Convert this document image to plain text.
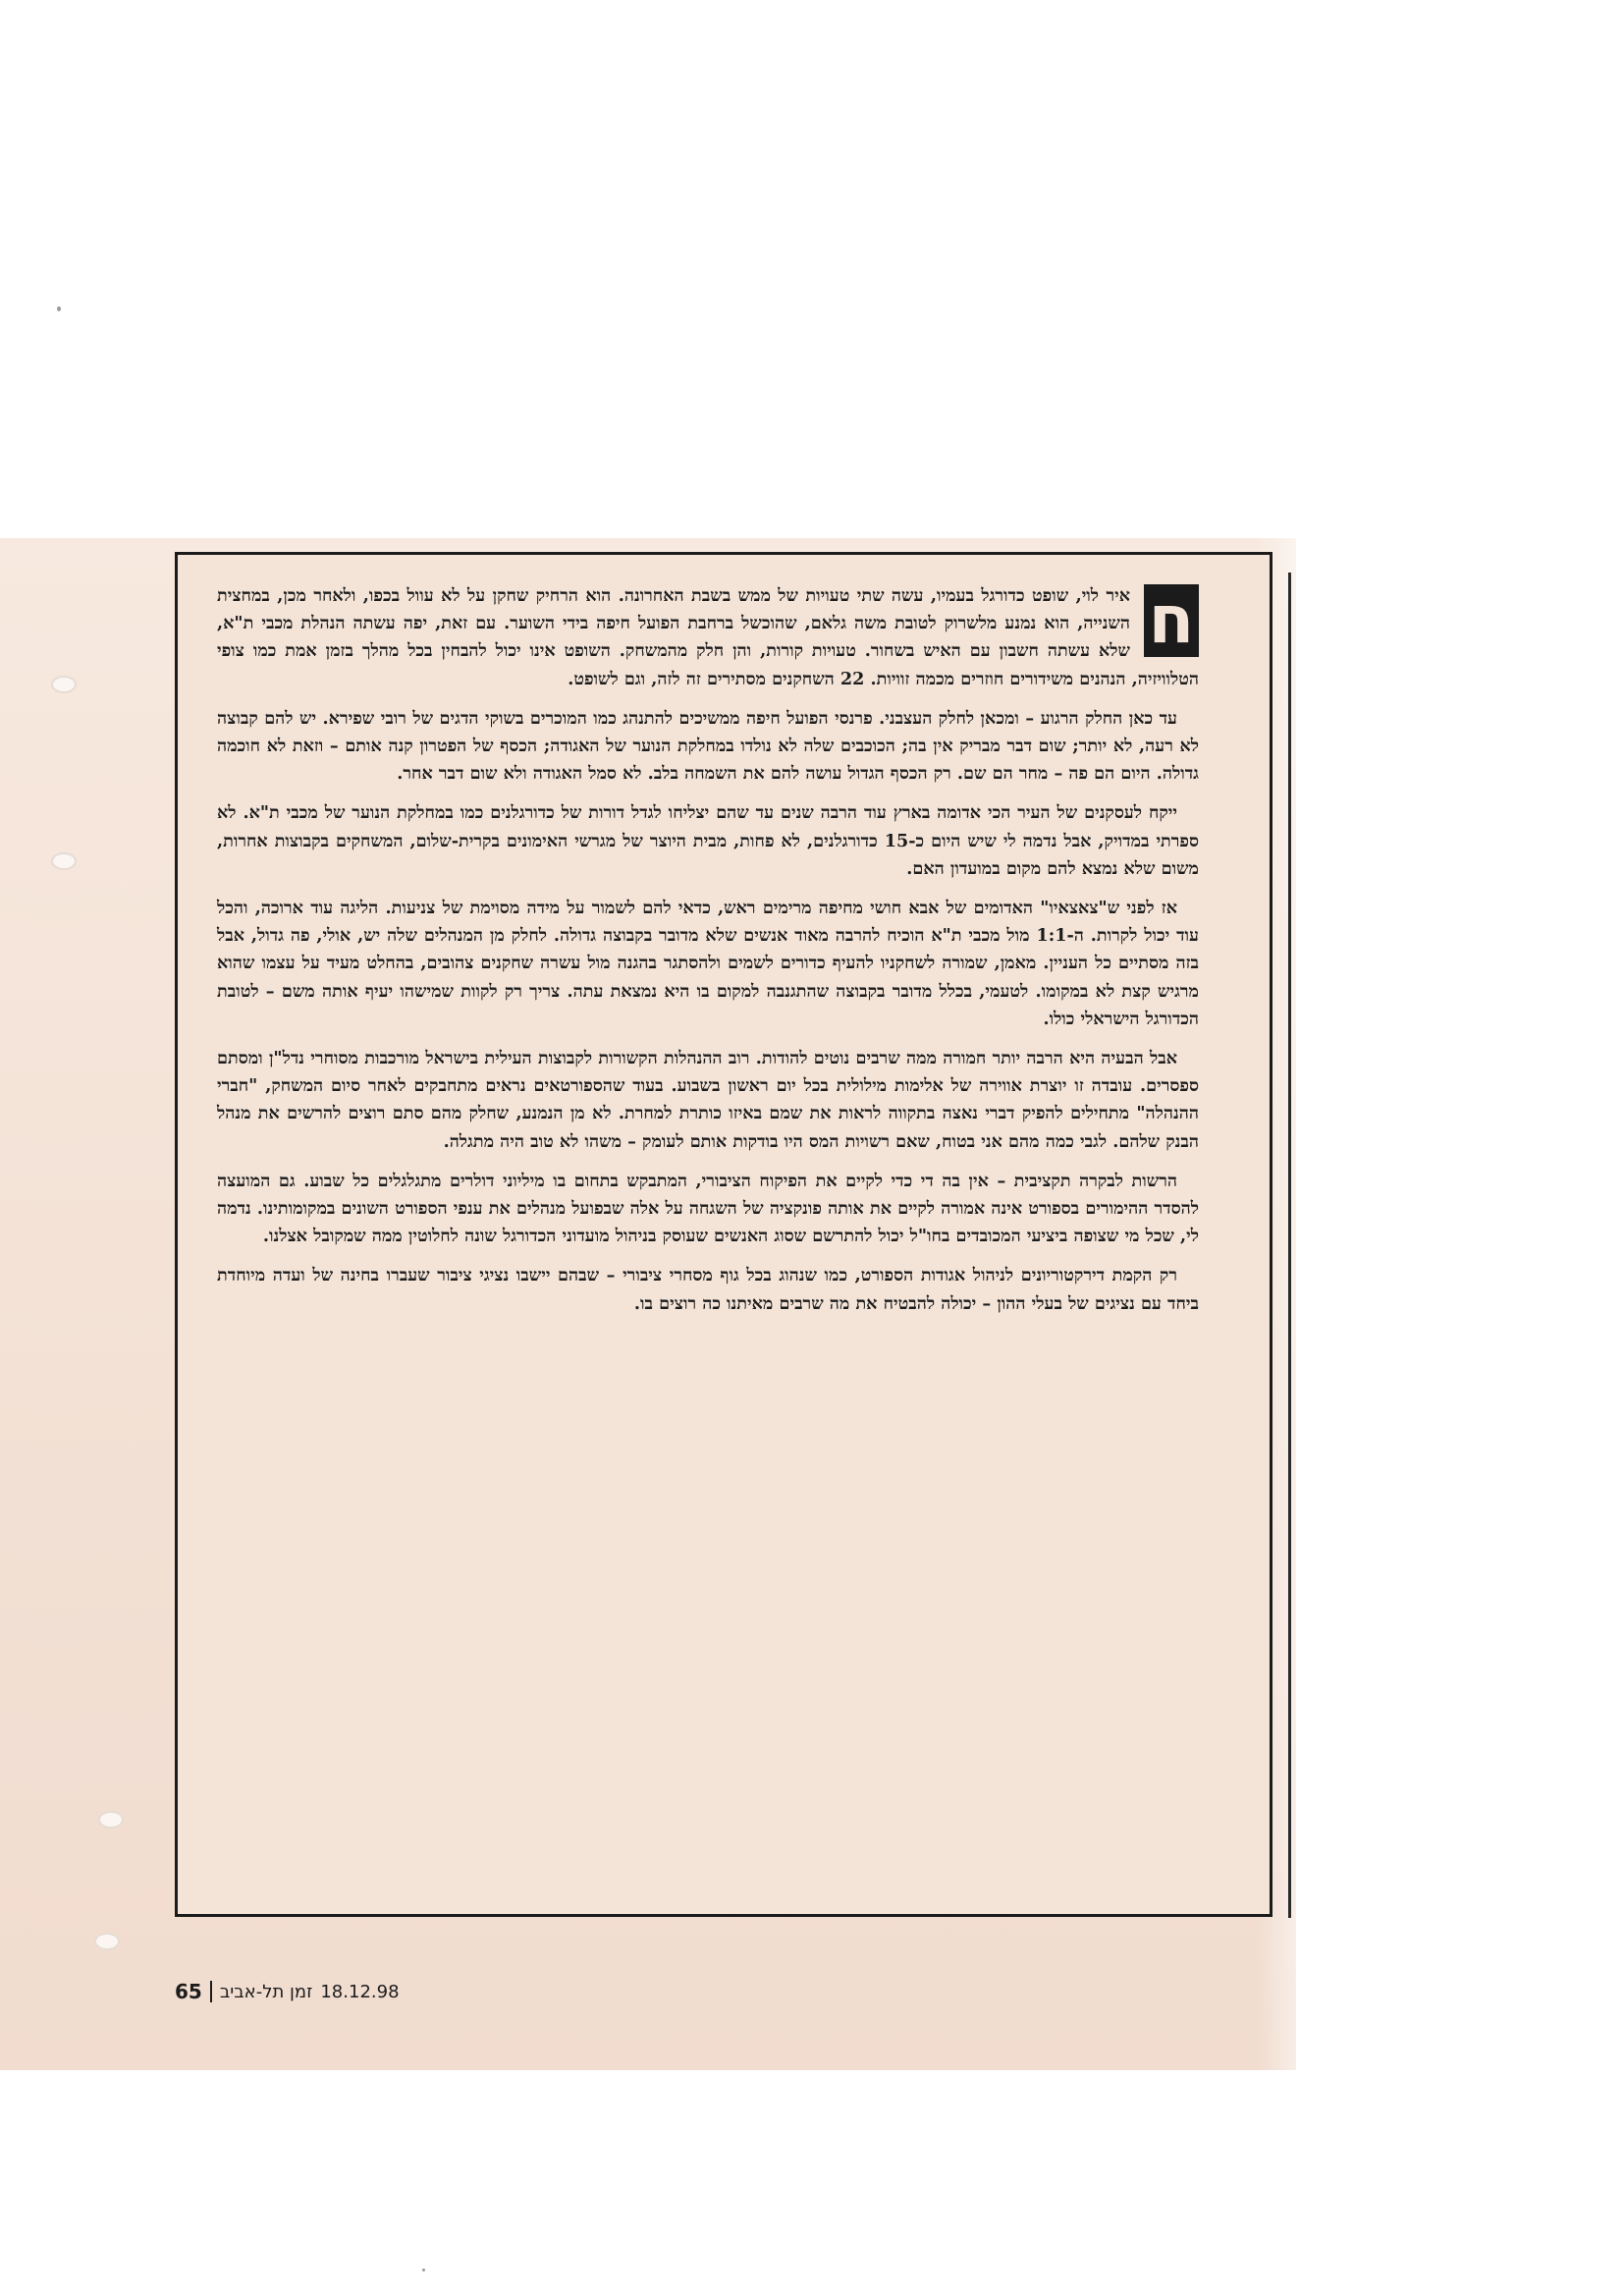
ח
איר לוי, שופט כדורגל בעמיו, עשה שתי טעויות של ממש בשבת האחרונה. הוא הרחיק שחקן על לא עוול בכפו, ולאחר מכן, במחצית השנייה, הוא נמנע מלשרוק לטובת משה גלאם, שהוכשל ברחבת הפועל חיפה בידי השוער. עם זאת, יפה עשתה הנהלת מכבי ת"א, שלא עשתה חשבון עם האיש בשחור. טעויות קורות, והן חלק מהמשחק. השופט אינו יכול להבחין בכל מהלך בזמן אמת כמו צופי הטלוויזיה, הנהנים משידורים חוזרים מכמה זוויות. 22 השחקנים מסתירים זה לזה, וגם לשופט.

עד כאן החלק הרגוע – ומכאן לחלק העצבני. פרנסי הפועל חיפה ממשיכים להתנהג כמו המוכרים בשוקי הדגים של רובי שפירא. יש להם קבוצה לא רעה, לא יותר; שום דבר מבריק אין בה; הכוכבים שלה לא נולדו במחלקת הנוער של האגודה; הכסף של הפטרון קנה אותם – וזאת לא חוכמה גדולה. היום הם פה – מחר הם שם. רק הכסף הגדול עושה להם את השמחה בלב. לא סמל האגודה ולא שום דבר אחר.

ייקח לעסקנים של העיר הכי אדומה בארץ עוד הרבה שנים עד שהם יצליחו לגדל דורות של כדורגלנים כמו במחלקת הנוער של מכבי ת"א. לא ספרתי במדויק, אבל נדמה לי שיש היום כ-15 כדורגלנים, לא פחות, מבית היוצר של מגרשי האימונים בקרית-שלום, המשחקים בקבוצות אחרות, משום שלא נמצא להם מקום במועדון האם.

אז לפני ש"צאצאיו" האדומים של אבא חושי מחיפה מרימים ראש, כדאי להם לשמור על מידה מסוימת של צניעות. הליגה עוד ארוכה, והכל עוד יכול לקרות. ה-1:1 מול מכבי ת"א הוכיח להרבה מאוד אנשים שלא מדובר בקבוצה גדולה. לחלק מן המנהלים שלה יש, אולי, פה גדול, אבל בזה מסתיים כל העניין. מאמן, שמורה לשחקניו להעיף כדורים לשמים ולהסתגר בהגנה מול עשרה שחקנים צהובים, בהחלט מעיד על עצמו שהוא מרגיש קצת לא במקומו. לטעמי, בכלל מדובר בקבוצה שהתגנבה למקום בו היא נמצאת עתה. צריך רק לקוות שמישהו יעיף אותה משם – לטובת הכדורגל הישראלי כולו.

אבל הבעיה היא הרבה יותר חמורה ממה שרבים נוטים להודות. רוב ההנהלות הקשורות לקבוצות העילית בישראל מורכבות מסוחרי נדל"ן ומסתם ספסרים. עובדה זו יוצרת אווירה של אלימות מילולית בכל יום ראשון בשבוע. בעוד שהספורטאים נראים מתחבקים לאחר סיום המשחק, "חברי ההנהלה" מתחילים להפיק דברי נאצה בתקווה לראות את שמם באיזו כותרת למחרת. לא מן הנמנע, שחלק מהם סתם רוצים להרשים את מנהל הבנק שלהם. לגבי כמה מהם אני בטוח, שאם רשויות המס היו בודקות אותם לעומק – משהו לא טוב היה מתגלה.

הרשות לבקרה תקציבית – אין בה די כדי לקיים את הפיקוח הציבורי, המתבקש בתחום בו מיליוני דולרים מתגלגלים כל שבוע. גם המועצה להסדר ההימורים בספורט אינה אמורה לקיים את אותה פונקציה של השגחה על אלה שבפועל מנהלים את ענפי הספורט השונים במקומותינו. נדמה לי, שכל מי שצופה ביציעי המכובדים בחו"ל יכול להתרשם שסוג האנשים שעוסק בניהול מועדוני הכדורגל שונה לחלוטין ממה שמקובל אצלנו.

רק הקמת דירקטוריונים לניהול אגודות הספורט, כמו שנהוג בכל גוף מסחרי ציבורי – שבהם יישבו נציגי ציבור שעברו בחינה של ועדה מיוחדת ביחד עם נציגים של בעלי ההון – יכולה להבטיח את מה שרבים מאיתנו כה רוצים בו.

65 זמן תל-אביב 18.12.98
